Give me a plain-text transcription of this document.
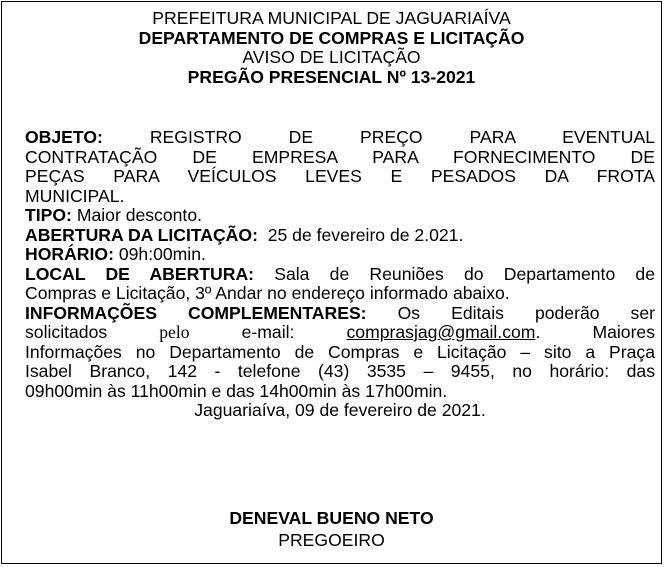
PREFEITURA MUNICIPAL DE JAGUARIAÍVA
DEPARTAMENTO DE COMPRAS E LICITAÇÃO
AVISO DE LICITAÇÃO
PREGÃO PRESENCIAL Nº 13-2021
OBJETO:	REGISTRO DE PREÇO PARA EVENTUAL
CONTRATAÇÃO DE EMPRESA PARA FORNECIMENTO DE
PEÇAS PARA VEÍCULOS LEVES E PESADOS DA FROTA
MUNICIPAL.
TIPO: Maior desconto.
ABERTURA DA LICITAÇÃO: 25 de fevereiro de 2.021.
HORÁRIO: 09h:00min.
LOCAL DE ABERTURA: Sala de Reuniões do Departamento de
Compras e Licitação, 3º Andar no endereço informado abaixo.
INFORMAÇÕES COMPLEMENTARES: Os Editais poderão ser
solicitados	pelo	e-mail:	comprasjag@gmail.com.	Maiores
Informações no Departamento de Compras e Licitação – sito a Praça
Isabel Branco, 142 - telefone (43) 3535 – 9455, no horário: das
09h00min às 11h00min e das 14h00min às 17h00min.
Jaguariaíva, 09 de fevereiro de 2021.
DENEVAL BUENO NETO
PREGOEIRO
